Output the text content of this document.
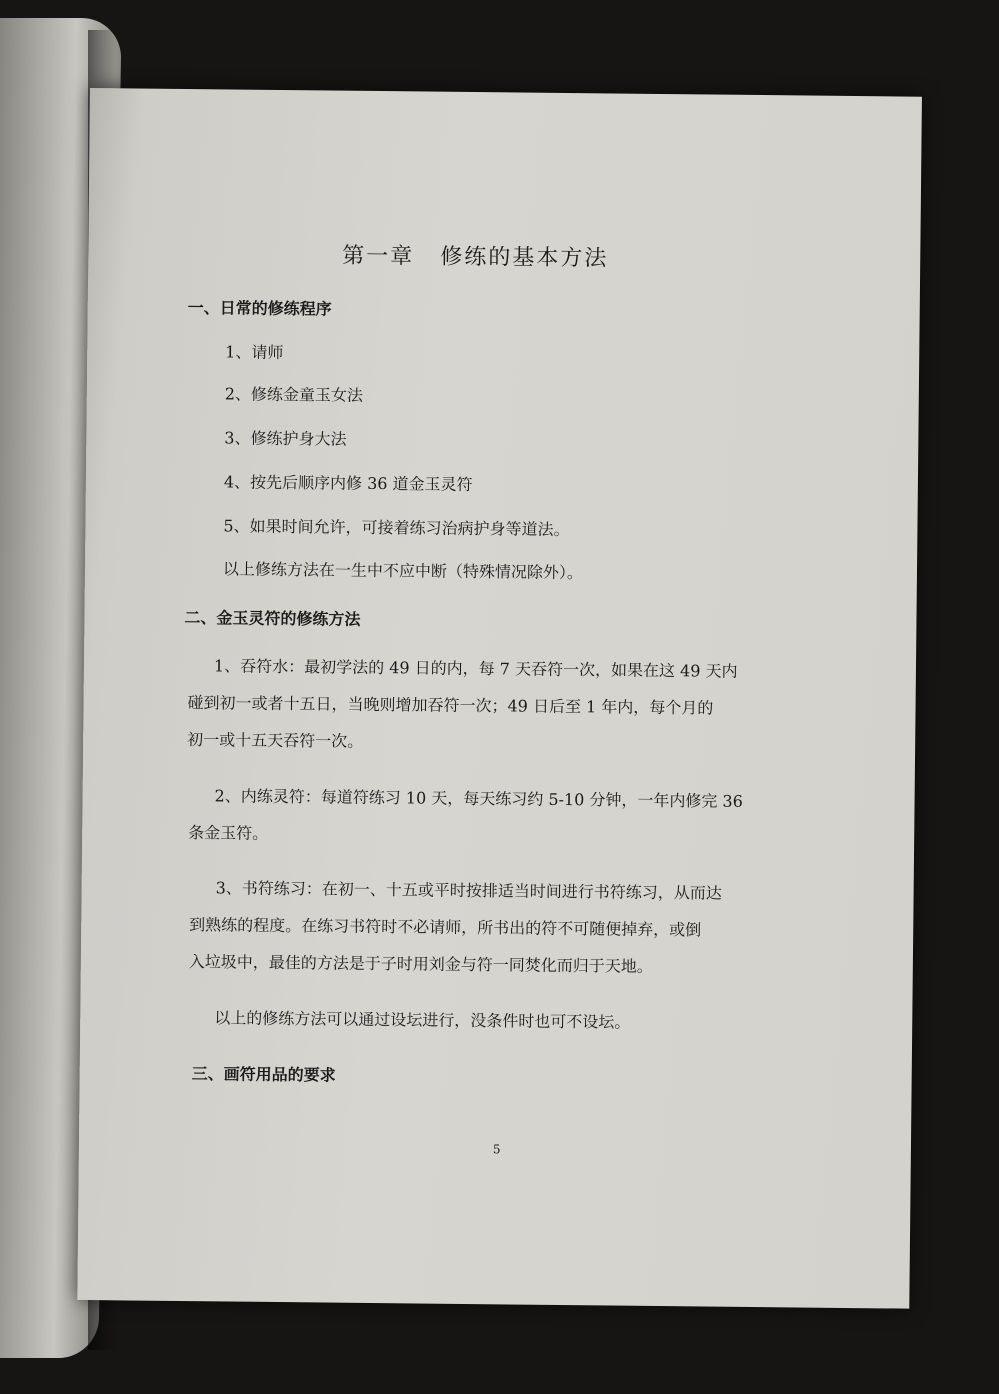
第一章 修练的基本方法
一、日常的修练程序
1、请师
2、修练金童玉女法
3、修练护身大法
4、按先后顺序内修 36 道金玉灵符
5、如果时间允许，可接着练习治病护身等道法。
以上修练方法在一生中不应中断（特殊情况除外）。
二、金玉灵符的修练方法
1、吞符水：最初学法的 49 日的内，每 7 天吞符一次，如果在这 49 天内
碰到初一或者十五日，当晚则增加吞符一次；49 日后至 1 年内，每个月的
初一或十五天吞符一次。
2、内练灵符：每道符练习 10 天，每天练习约 5-10 分钟，一年内修完 36
条金玉符。
3、书符练习：在初一、十五或平时按排适当时间进行书符练习，从而达
到熟练的程度。在练习书符时不必请师，所书出的符不可随便掉弃，或倒
入垃圾中，最佳的方法是于子时用刘金与符一同焚化而归于天地。
以上的修练方法可以通过设坛进行，没条件时也可不设坛。
三、画符用品的要求
5
